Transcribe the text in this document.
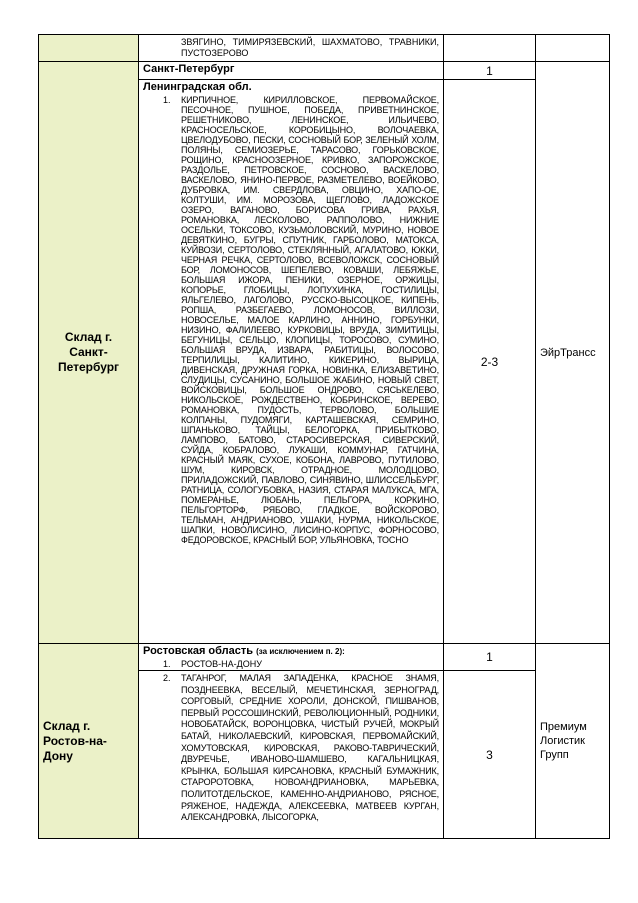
	ЗВЯГИНО, ТИМИРЯЗЕВСКИЙ, ШАХМАТОВО, ТРАВНИКИ, ПУСТОЗЕРОВО		

Склад г. Санкт-Петербург	Санкт-Петербург	1	ЭйрТрансс

	Ленинградская обл.
1. КИРПИЧНОЕ, КИРИЛЛОВСКОЕ, ПЕРВОМАЙСКОЕ, ПЕСОЧНОЕ, ПУШНОЕ, ПОБЕДА, ПРИВЕТНИНСКОЕ, РЕШЕТНИКОВО, ЛЕНИНСКОЕ, ИЛЬИЧЕВО, КРАСНОСЕЛЬСКОЕ, КОРОБИЦЫНО, ВОЛОЧАЕВКА, ЦВЕЛОДУБОВО, ПЕСКИ, СОСНОВЫЙ БОР, ЗЕЛЕНЫЙ ХОЛМ, ПОЛЯНЫ, СЕМИОЗЕРЬЕ, ТАРАСОВО, ГОРЬКОВСКОЕ, РОЩИНО, КРАСНООЗЕРНОЕ, КРИВКО, ЗАПОРОЖСКОЕ, РАЗДОЛЬЕ, ПЕТРОВСКОЕ, СОСНОВО, ВАСКЕЛОВО, ВАСКЕЛОВО, ЯНИНО-ПЕРВОЕ, РАЗМЕТЕЛЕВО, ВОЕЙКОВО, ДУБРОВКА, ИМ. СВЕРДЛОВА, ОВЦИНО, ХАПО-ОЕ, КОЛТУШИ, ИМ. МОРОЗОВА, ЩЕГЛОВО, ЛАДОЖСКОЕ ОЗЕРО, ВАГАНОВО, БОРИСОВА ГРИВА, РАХЬЯ, РОМАНОВКА, ЛЕСКОЛОВО, РАППОЛОВО, НИЖНИЕ ОСЕЛЬКИ, ТОКСОВО, КУЗЬМОЛОВСКИЙ, МУРИНО, НОВОЕ ДЕВЯТКИНО, БУГРЫ, СПУТНИК, ГАРБОЛОВО, МАТОКСА, КУЙВОЗИ, СЕРТОЛОВО, СТЕКЛЯННЫЙ, АГАЛАТОВО, ЮККИ, ЧЕРНАЯ РЕЧКА, СЕРТОЛОВО, ВСЕВОЛОЖСК, СОСНОВЫЙ БОР, ЛОМОНОСОВ, ШЕПЕЛЕВО, КОВАШИ, ЛЕБЯЖЬЕ, БОЛЬШАЯ ИЖОРА, ПЕНИКИ, ОЗЕРНОЕ, ОРЖИЦЫ, КОПОРЬЕ, ГЛОБИЦЫ, ЛОПУХИНКА, ГОСТИЛИЦЫ, ЯЛЬГЕЛЕВО, ЛАГОЛОВО, РУССКО-ВЫСОЦКОЕ, КИПЕНЬ, РОПША, РАЗБЕГАЕВО, ЛОМОНОСОВ, ВИЛЛОЗИ, НОВОСЕЛЬЕ, МАЛОЕ КАРЛИНО, АННИНО, ГОРБУНКИ, НИЗИНО, ФАЛИЛЕЕВО, КУРКОВИЦЫ, ВРУДА, ЗИМИТИЦЫ, БЕГУНИЦЫ, СЕЛЬЦО, КЛОПИЦЫ, ТОРОСОВО, СУМИНО, БОЛЬШАЯ ВРУДА, ИЗВАРА, РАБИТИЦЫ, ВОЛОСОВО, ТЕРПИЛИЦЫ, КАЛИТИНО, КИКЕРИНО, ВЫРИЦА, ДИВЕНСКАЯ, ДРУЖНАЯ ГОРКА, НОВИНКА, ЕЛИЗАВЕТИНО, СЛУДИЦЫ, СУСАНИНО, БОЛЬШОЕ ЖАБИНО, НОВЫЙ СВЕТ, ВОЙСКОВИЦЫ, БОЛЬШОЕ ОНДРОВО, СЯСЬКЕЛЕВО, НИКОЛЬСКОЕ, РОЖДЕСТВЕНО, КОБРИНСКОЕ, ВЕРЕВО, РОМАНОВКА, ПУДОСТЬ, ТЕРВОЛОВО, БОЛЬШИЕ КОЛПАНЫ, ПУДОМЯГИ, КАРТАШЕВСКАЯ, СЕМРИНО, ШПАНЬКОВО, ТАЙЦЫ, БЕЛОГОРКА, ПРИБЫТКОВО, ЛАМПОВО, БАТОВО, СТАРОСИВЕРСКАЯ, СИВЕРСКИЙ, СУЙДА, КОБРАЛОВО, ЛУКАШИ, КОММУНАР, ГАТЧИНА, КРАСНЫЙ МАЯК, СУХОЕ, КОБОНА, ЛАВРОВО, ПУТИЛОВО, ШУМ, КИРОВСК, ОТРАДНОЕ, МОЛОДЦОВО, ПРИЛАДОЖСКИЙ, ПАВЛОВО, СИНЯВИНО, ШЛИССЕЛЬБУРГ, РАТНИЦА, СОЛОГУБОВКА, НАЗИЯ, СТАРАЯ МАЛУКСА, МГА, ПОМЕРАНЬЕ, ЛЮБАНЬ, ПЕЛЬГОРА, КОРКИНО, ПЕЛЬГОРТОРФ, РЯБОВО, ГЛАДКОЕ, ВОЙСКОРОВО, ТЕЛЬМАН, АНДРИАНОВО, УШАКИ, НУРМА, НИКОЛЬСКОЕ, ШАПКИ, НОВОЛИСИНО, ЛИСИНО-КОРПУС, ФОРНОСОВО, ФЕДОРОВСКОЕ, КРАСНЫЙ БОР, УЛЬЯНОВКА, ТОСНО	2-3	
Склад г. Ростов-на-Дону	Ростовская область (за исключением п. 2):
1. РОСТОВ-НА-ДОНУ	1	Премиум Логистик Групп

	2. ТАГАНРОГ, МАЛАЯ ЗАПАДЕНКА, КРАСНОЕ ЗНАМЯ, ПОЗДНЕЕВКА, ВЕСЕЛЫЙ, МЕЧЕТИНСКАЯ, ЗЕРНОГРАД, СОРГОВЫЙ, СРЕДНИЕ ХОРОЛИ, ДОНСКОЙ, ПИШВАНОВ, ПЕРВЫЙ РОССОШИНСКИЙ, РЕВОЛЮЦИОННЫЙ, РОДНИКИ, НОВОБАТАЙСК, ВОРОНЦОВКА, ЧИСТЫЙ РУЧЕЙ, МОКРЫЙ БАТАЙ, НИКОЛАЕВСКИЙ, КИРОВСКАЯ, ПЕРВОМАЙСКИЙ, ХОМУТОВСКАЯ, КИРОВСКАЯ, РАКОВО-ТАВРИЧЕСКИЙ, ДВУРЕЧЬЕ, ИВАНОВО-ШАМШЕВО, КАГАЛЬНИЦКАЯ, КРЫНКА, БОЛЬШАЯ КИРСАНОВКА, КРАСНЫЙ БУМАЖНИК, СТАРОРОТОВКА, НОВОАНДРИАНОВКА, МАРЬЕВКА, ПОЛИТОТДЕЛЬСКОЕ, КАМЕННО-АНДРИАНОВО, РЯСНОЕ, РЯЖЕНОЕ, НАДЕЖДА, АЛЕКСЕЕВКА, МАТВЕЕВ КУРГАН, АЛЕКСАНДРОВКА, ЛЫСОГОРКА,	3	
